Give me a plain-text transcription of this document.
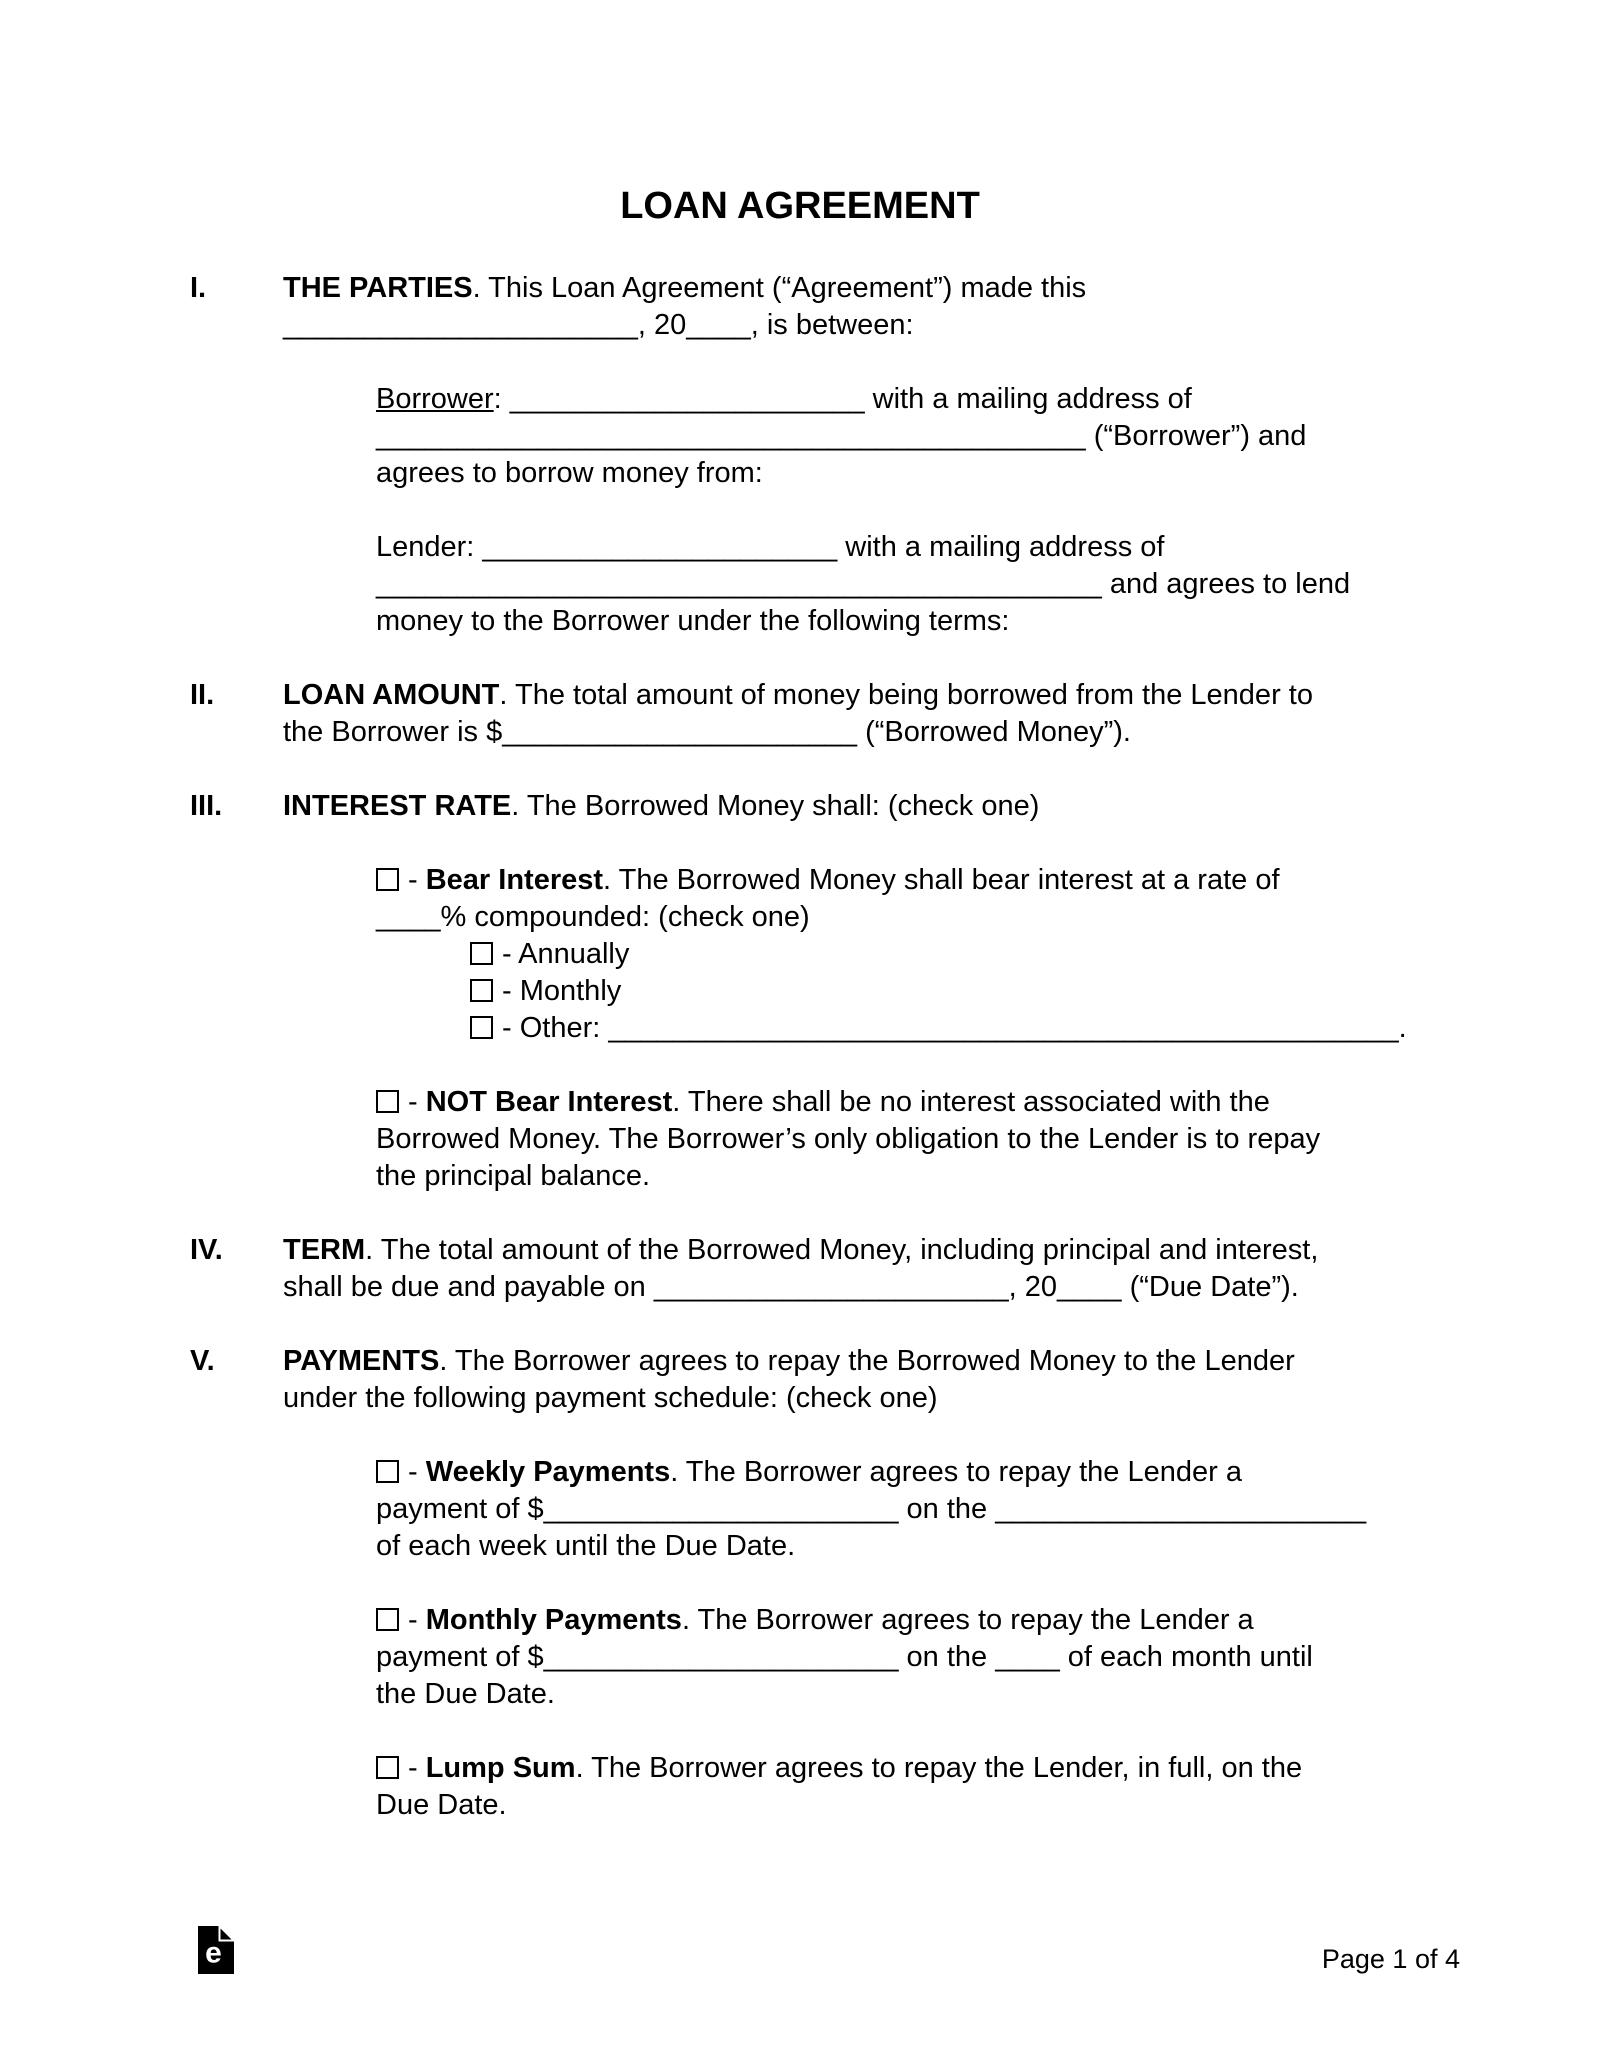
LOAN AGREEMENT
I.	THE PARTIES. This Loan Agreement (“Agreement”) made this
______________________, 20____, is between:
Borrower: ______________________ with a mailing address of
____________________________________________ (“Borrower”) and
agrees to borrow money from:
Lender: ______________________ with a mailing address of
_____________________________________________ and agrees to lend
money to the Borrower under the following terms:
II. LOAN AMOUNT. The total amount of money being borrowed from the Lender to
the Borrower is $______________________ (“Borrowed Money”).
III. INTEREST RATE. The Borrowed Money shall: (check one)
- Bear Interest. The Borrowed Money shall bear interest at a rate of
____% compounded: (check one)
- Annually
- Monthly
- Other: _________________________________________________.
- NOT Bear Interest. There shall be no interest associated with the
Borrowed Money. The Borrower’s only obligation to the Lender is to repay
the principal balance.
IV. TERM. The total amount of the Borrowed Money, including principal and interest,
shall be due and payable on ______________________, 20____ (“Due Date”).
V. PAYMENTS. The Borrower agrees to repay the Borrowed Money to the Lender
under the following payment schedule: (check one)
- Weekly Payments. The Borrower agrees to repay the Lender a
payment of $______________________ on the _______________________
of each week until the Due Date.
- Monthly Payments. The Borrower agrees to repay the Lender a
payment of $______________________ on the ____ of each month until
the Due Date.
- Lump Sum. The Borrower agrees to repay the Lender, in full, on the
Due Date.
e	Page 1 of 4
